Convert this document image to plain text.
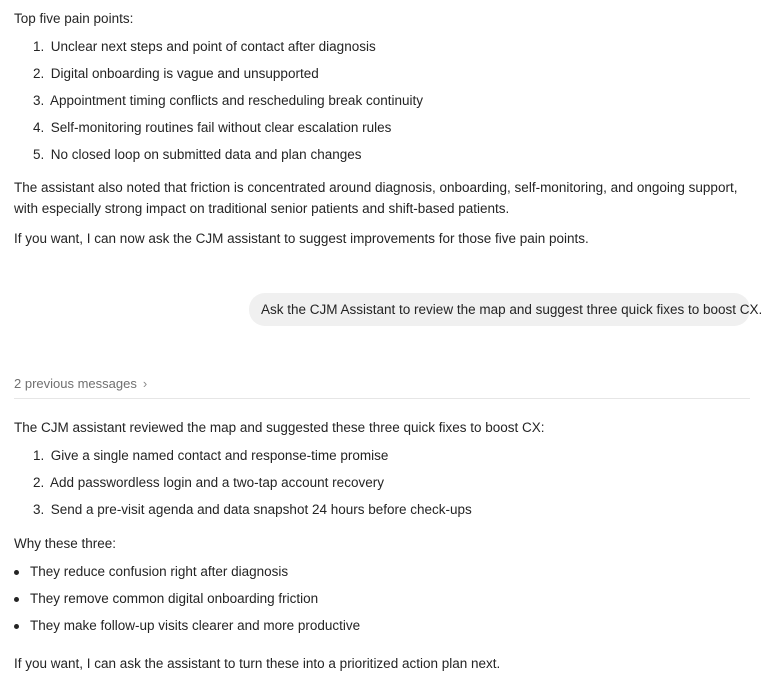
Top five pain points:

1. Unclear next steps and point of contact after diagnosis

2. Digital onboarding is vague and unsupported

3. Appointment timing conflicts and rescheduling break continuity

4. Self-monitoring routines fail without clear escalation rules

5. No closed loop on submitted data and plan changes

The assistant also noted that friction is concentrated around diagnosis, onboarding, self-monitoring, and ongoing support, with especially strong impact on traditional senior patients and shift-based patients.

If you want, I can now ask the CJM assistant to suggest improvements for those five pain points.

Ask the CJM Assistant to review the map and suggest three quick fixes to boost CX.
2 previous messages ›

The CJM assistant reviewed the map and suggested these three quick fixes to boost CX:

1. Give a single named contact and response-time promise

2. Add passwordless login and a two-tap account recovery

3. Send a pre-visit agenda and data snapshot 24 hours before check-ups

Why these three:

They reduce confusion right after diagnosis
They remove common digital onboarding friction
They make follow-up visits clearer and more productive

If you want, I can ask the assistant to turn these into a prioritized action plan next.
